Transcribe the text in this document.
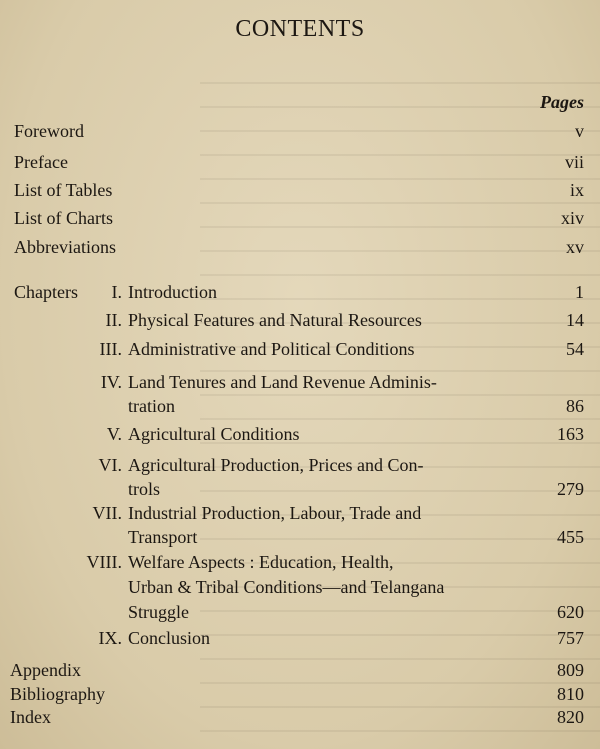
CONTENTS
Pages
Foreword	v
Preface	vii
List of Tables	ix
List of Charts	xiv
Abbreviations	xv
Chapters	I. Introduction	1
II. Physical Features and Natural Resources	14
III. Administrative and Political Conditions	54
IV. Land Tenures and Land Revenue Adminis-
tration	86
V. Agricultural Conditions	163
VI. Agricultural Production, Prices and Con-
trols	279
VII. Industrial Production, Labour, Trade and
Transport	455
VIII. Welfare Aspects : Education, Health,
Urban & Tribal Conditions—and Telangana
Struggle	620
IX. Conclusion	757
Appendix	809
Bibliography	810
Index	820
